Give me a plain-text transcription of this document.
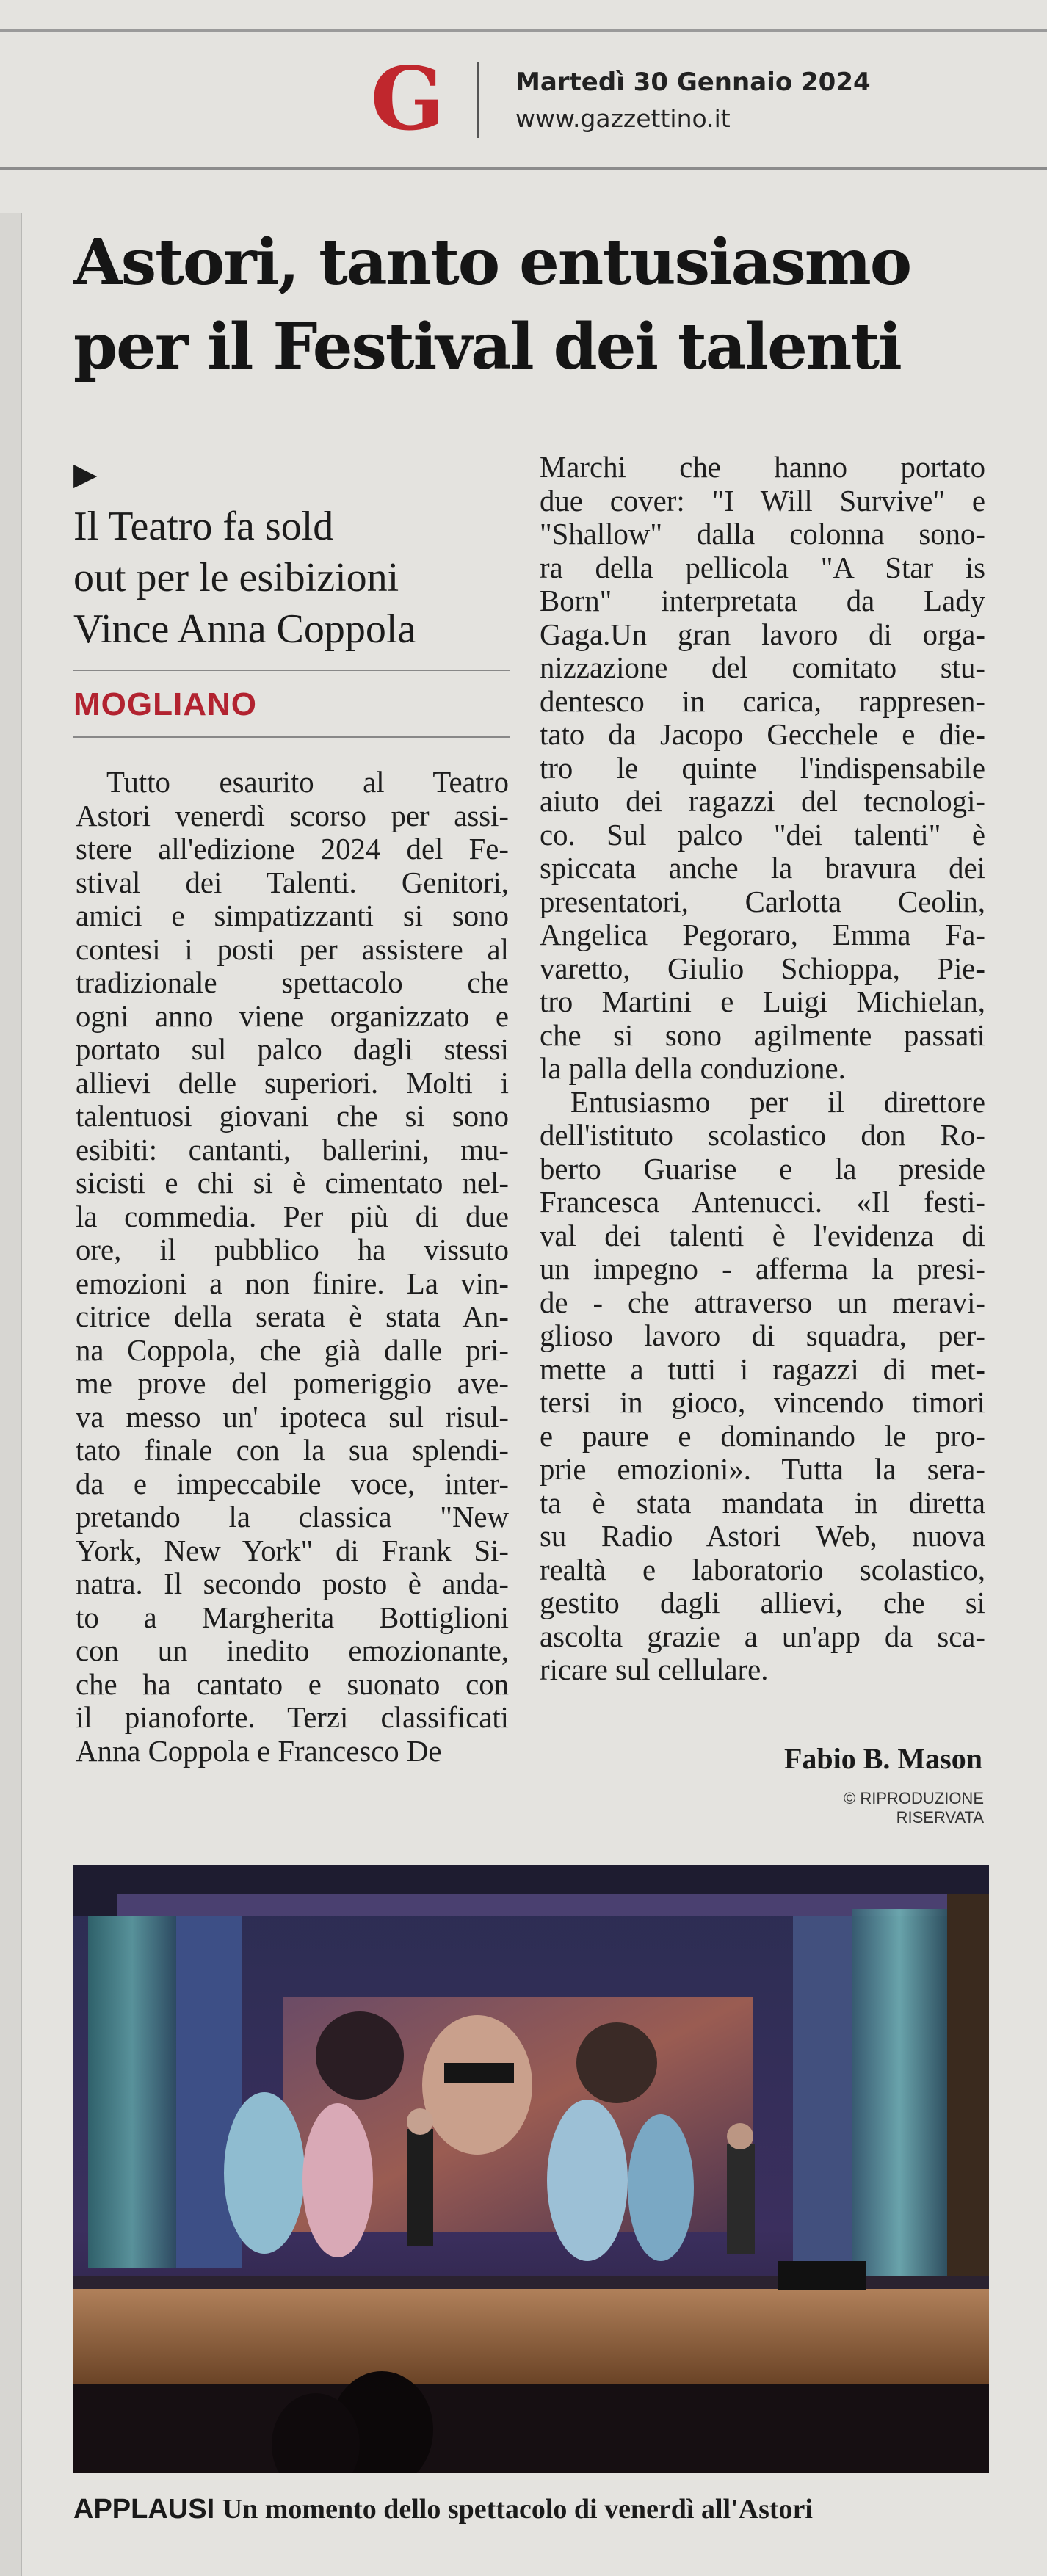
G	Martedì 30 Gennaio 2024
www.gazzettino.it
Astori, tanto entusiasmo
per il Festival dei talenti
▶
Il Teatro fa sold
out per le esibizioni
Vince Anna Coppola
MOGLIANO
Tutto esaurito al Teatro
Astori venerdì scorso per assi-
stere all'edizione 2024 del Fe-
stival dei Talenti. Genitori,
amici e simpatizzanti si sono
contesi i posti per assistere al
tradizionale spettacolo che
ogni anno viene organizzato e
portato sul palco dagli stessi
allievi delle superiori. Molti i
talentuosi giovani che si sono
esibiti: cantanti, ballerini, mu-
sicisti e chi si è cimentato nel-
la commedia. Per più di due
ore, il pubblico ha vissuto
emozioni a non finire. La vin-
citrice della serata è stata An-
na Coppola, che già dalle pri-
me prove del pomeriggio ave-
va messo un' ipoteca sul risul-
tato finale con la sua splendi-
da e impeccabile voce, inter-
pretando la classica "New
York, New York" di Frank Si-
natra. Il secondo posto è anda-
to a Margherita Bottiglioni
con un inedito emozionante,
che ha cantato e suonato con
il pianoforte. Terzi classificati
Anna Coppola e Francesco De
Marchi che hanno portato
due cover: "I Will Survive" e
"Shallow" dalla colonna sono-
ra della pellicola "A Star is
Born" interpretata da Lady
Gaga.Un gran lavoro di orga-
nizzazione del comitato stu-
dentesco in carica, rappresen-
tato da Jacopo Gecchele e die-
tro le quinte l'indispensabile
aiuto dei ragazzi del tecnologi-
co. Sul palco "dei talenti" è
spiccata anche la bravura dei
presentatori, Carlotta Ceolin,
Angelica Pegoraro, Emma Fa-
varetto, Giulio Schioppa, Pie-
tro Martini e Luigi Michielan,
che si sono agilmente passati
la palla della conduzione.
Entusiasmo per il direttore
dell'istituto scolastico don Ro-
berto Guarise e la preside
Francesca Antenucci. «Il festi-
val dei talenti è l'evidenza di
un impegno - afferma la presi-
de - che attraverso un meravi-
glioso lavoro di squadra, per-
mette a tutti i ragazzi di met-
tersi in gioco, vincendo timori
e paure e dominando le pro-
prie emozioni». Tutta la sera-
ta è stata mandata in diretta
su Radio Astori Web, nuova
realtà e laboratorio scolastico,
gestito dagli allievi, che si
ascolta grazie a un'app da sca-
ricare sul cellulare.
Fabio B. Mason
© RIPRODUZIONE RISERVATA
APPLAUSI Un momento dello spettacolo di venerdì all'Astori
